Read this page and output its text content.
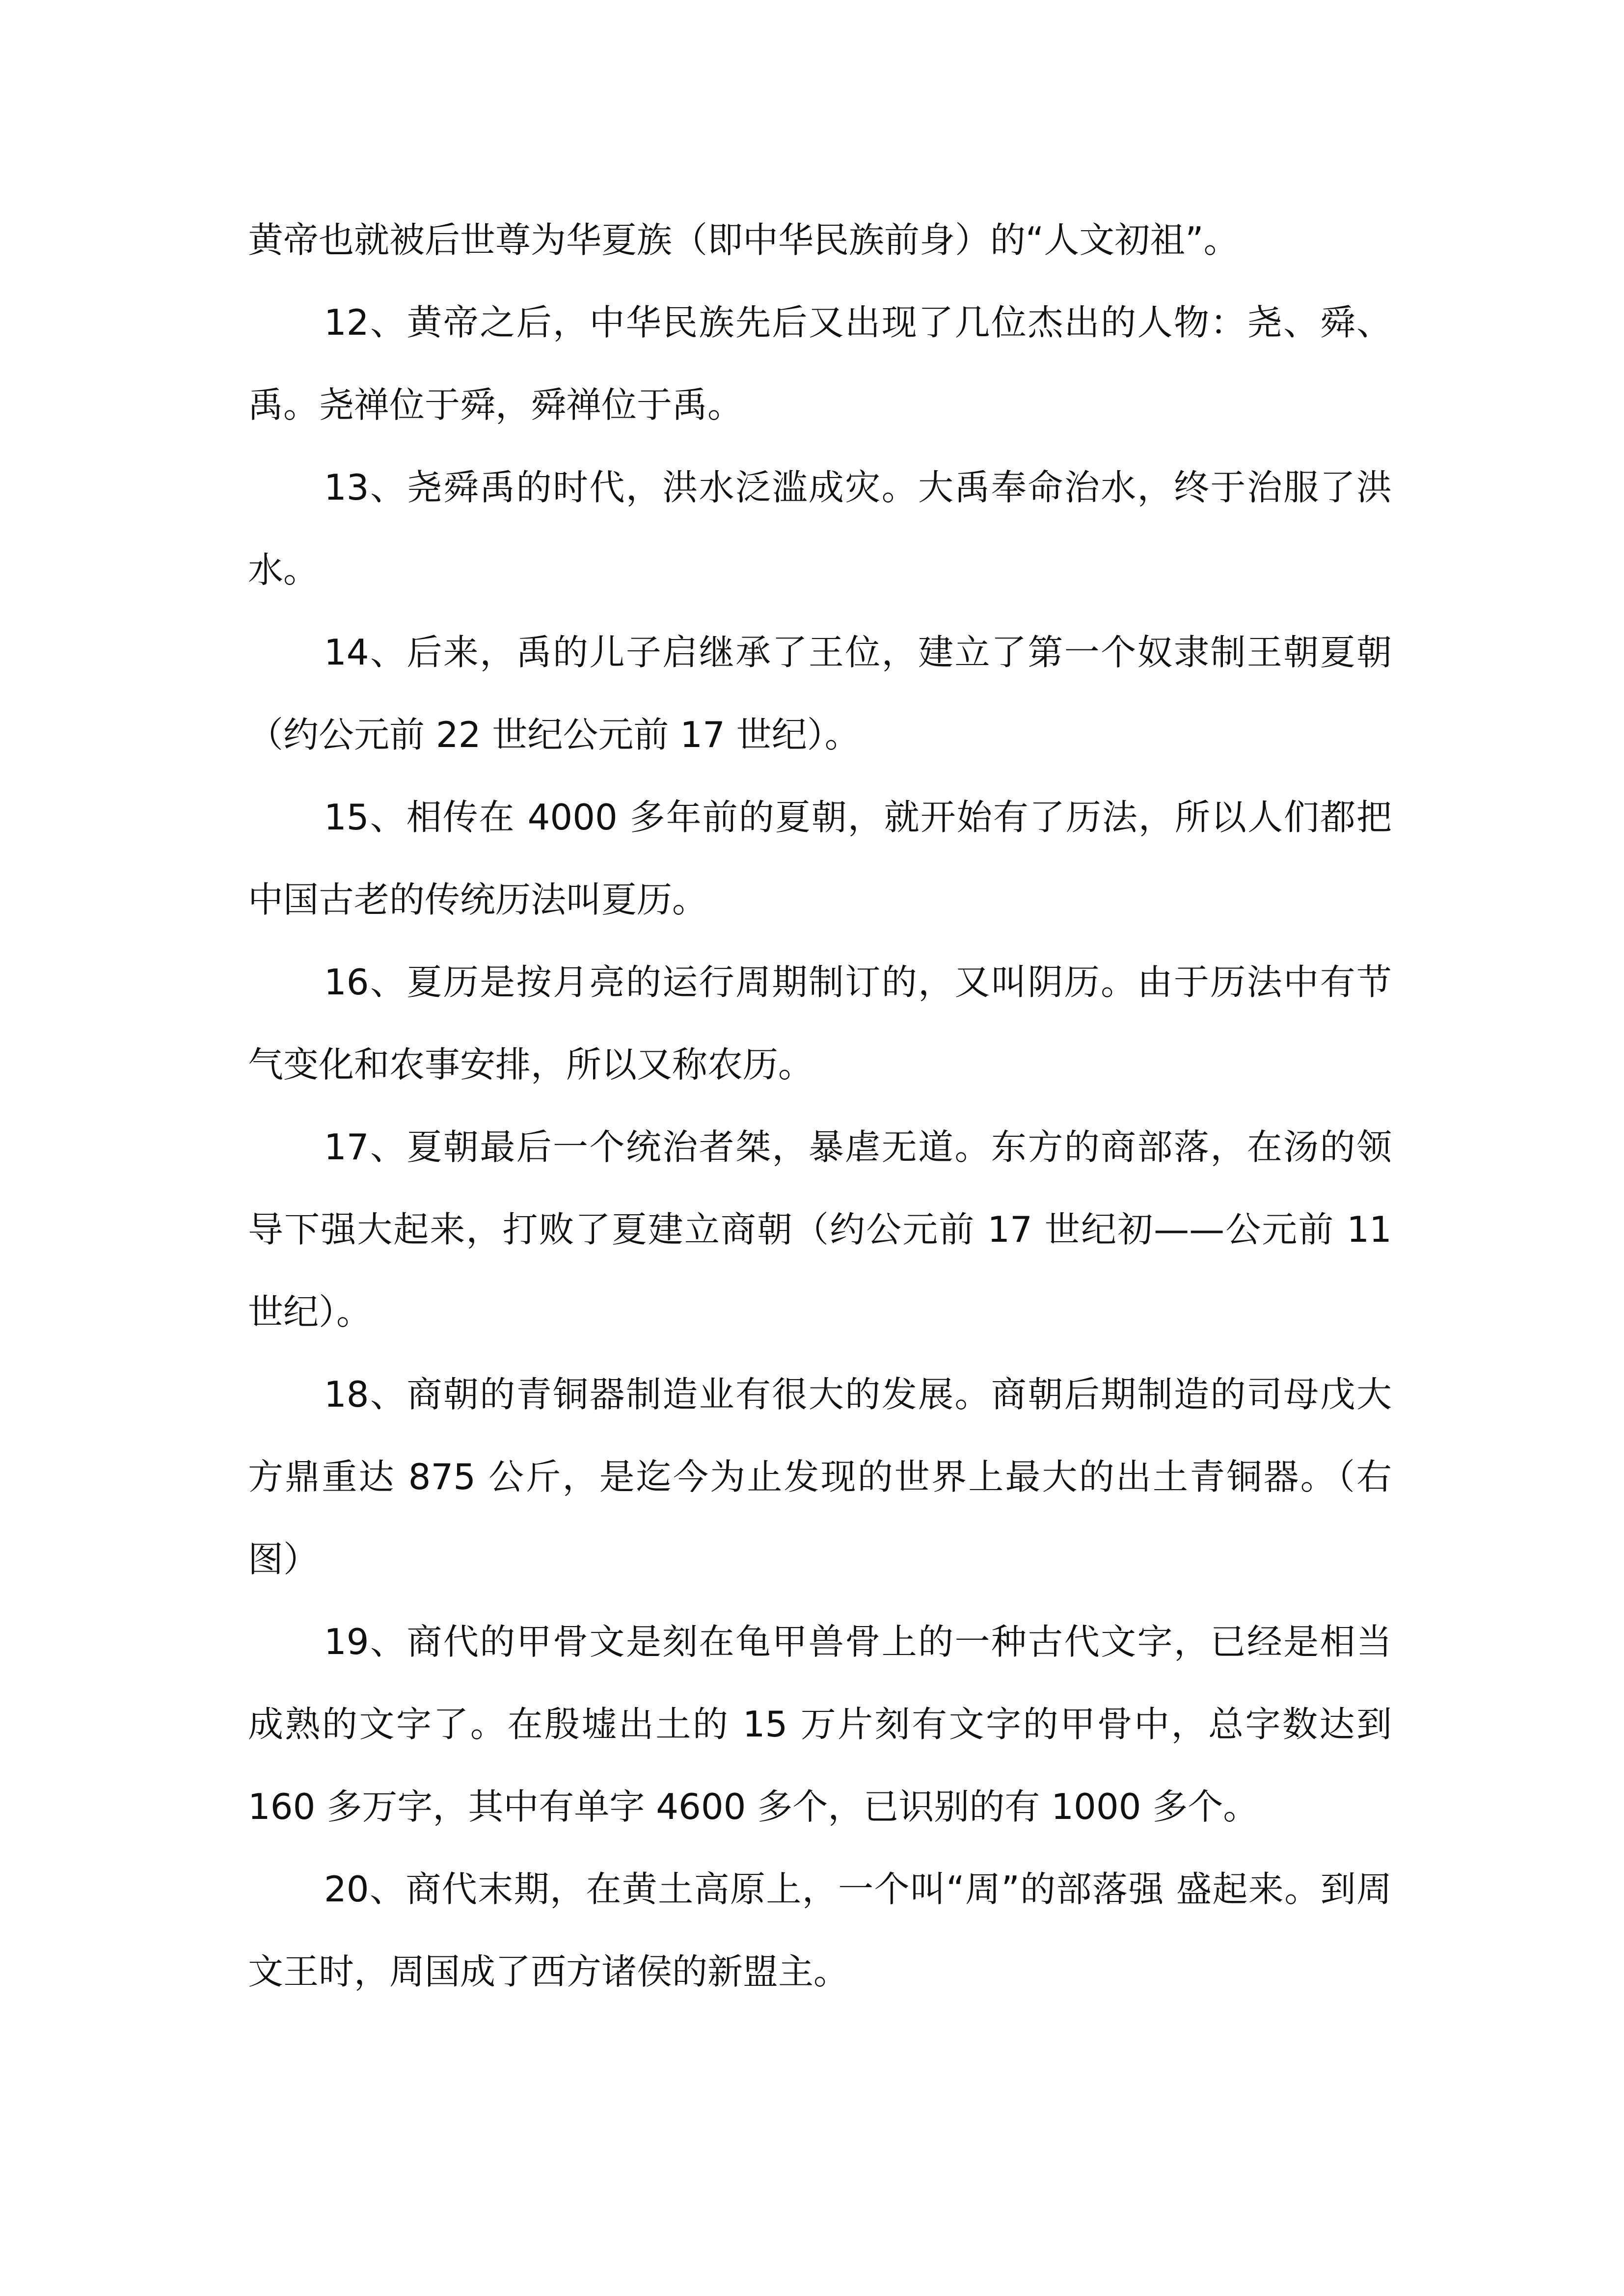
黄帝也就被后世尊为华夏族（即中华民族前身）的“人文初祖”。

12、黄帝之后，中华民族先后又出现了几位杰出的人物：尧、舜、禹。尧禅位于舜，舜禅位于禹。

13、尧舜禹的时代，洪水泛滥成灾。大禹奉命治水，终于治服了洪水。

14、后来，禹的儿子启继承了王位，建立了第一个奴隶制王朝夏朝（约公元前 22 世纪公元前 17 世纪）。

15、相传在 4000 多年前的夏朝，就开始有了历法，所以人们都把中国古老的传统历法叫夏历。

16、夏历是按月亮的运行周期制订的，又叫阴历。由于历法中有节气变化和农事安排，所以又称农历。

17、夏朝最后一个统治者桀，暴虐无道。东方的商部落，在汤的领导下强大起来，打败了夏建立商朝（约公元前 17 世纪初——公元前 11 世纪）。

18、商朝的青铜器制造业有很大的发展。商朝后期制造的司母戊大方鼎重达 875 公斤，是迄今为止发现的世界上最大的出土青铜器。（右图）

19、商代的甲骨文是刻在龟甲兽骨上的一种古代文字，已经是相当成熟的文字了。在殷墟出土的 15 万片刻有文字的甲骨中，总字数达到 160 多万字，其中有单字 4600 多个，已识别的有 1000 多个。

20、商代末期，在黄土高原上，一个叫“周”的部落强 盛起来。到周文王时，周国成了西方诸侯的新盟主。
